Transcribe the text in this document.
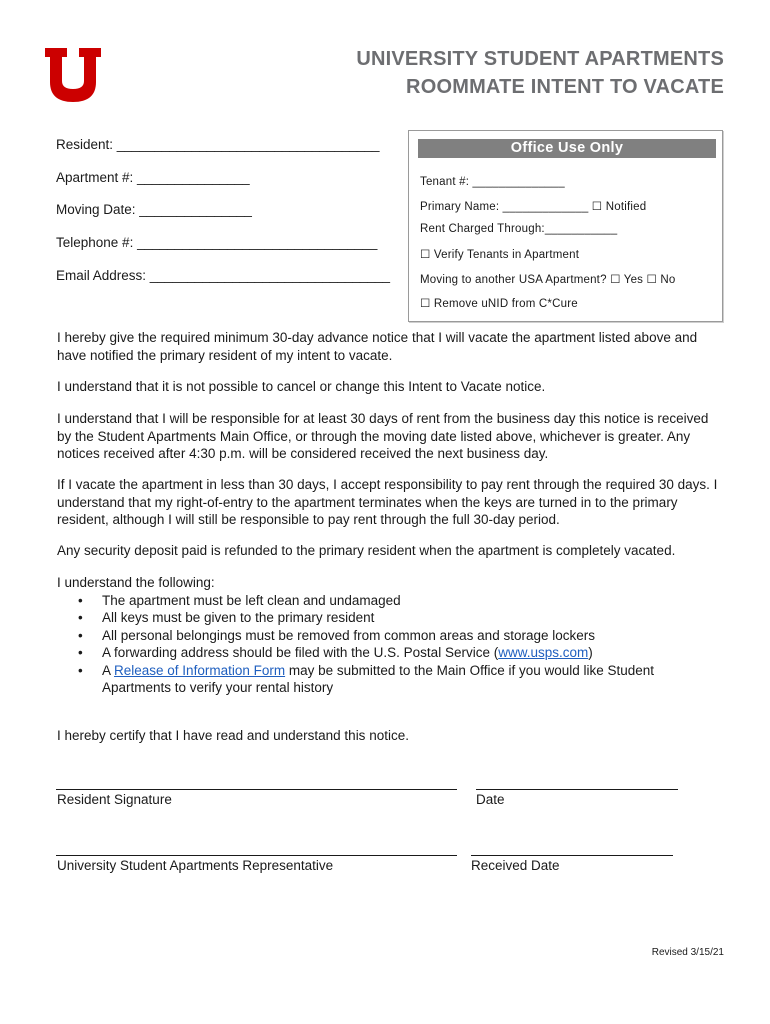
UNIVERSITY STUDENT APARTMENTS
ROOMMATE INTENT TO VACATE
Resident: ___________________________________
Apartment #: _______________
Moving Date: _______________
Telephone #: ________________________________
Email Address: ________________________________
Office Use Only
Tenant #: ______________
Primary Name: _____________ ☐ Notified
Rent Charged Through:___________
☐ Verify Tenants in Apartment
Moving to another USA Apartment? ☐ Yes ☐ No
☐ Remove uNID from C*Cure

I hereby give the required minimum 30-day advance notice that I will vacate the apartment listed above and have notified the primary resident of my intent to vacate.

I understand that it is not possible to cancel or change this Intent to Vacate notice.

I understand that I will be responsible for at least 30 days of rent from the business day this notice is received by the Student Apartments Main Office, or through the moving date listed above, whichever is greater. Any notices received after 4:30 p.m. will be considered received the next business day.

If I vacate the apartment in less than 30 days, I accept responsibility to pay rent through the required 30 days. I understand that my right-of-entry to the apartment terminates when the keys are turned in to the primary resident, although I will still be responsible to pay rent through the full 30-day period.

Any security deposit paid is refunded to the primary resident when the apartment is completely vacated.

I understand the following:

• The apartment must be left clean and undamaged
• All keys must be given to the primary resident
• All personal belongings must be removed from common areas and storage lockers
• A forwarding address should be filed with the U.S. Postal Service (www.usps.com)
• A Release of Information Form may be submitted to the Main Office if you would like Student Apartments to verify your rental history

I hereby certify that I have read and understand this notice.

Resident Signature	Date
University Student Apartments Representative	Received Date
Revised 3/15/21
